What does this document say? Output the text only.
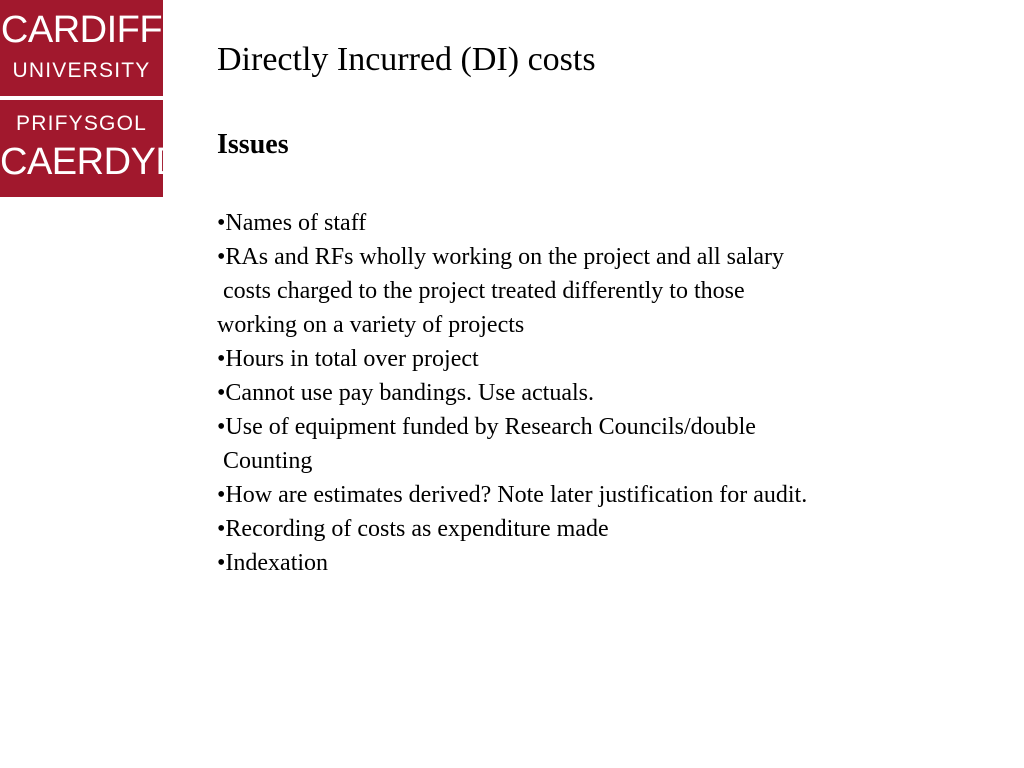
CARDIFF
UNIVERSITY
PRIFYSGOL
CAERDYDD
Directly Incurred (DI) costs
Issues
•Names of staff
•RAs and RFs wholly working on the project and all salary
costs charged to the project treated differently to those
working on a variety of projects
•Hours in total over project
•Cannot use pay bandings. Use actuals.
•Use of equipment funded by Research Councils/double
Counting
•How are estimates derived? Note later justification for audit.
•Recording of costs as expenditure made
•Indexation
